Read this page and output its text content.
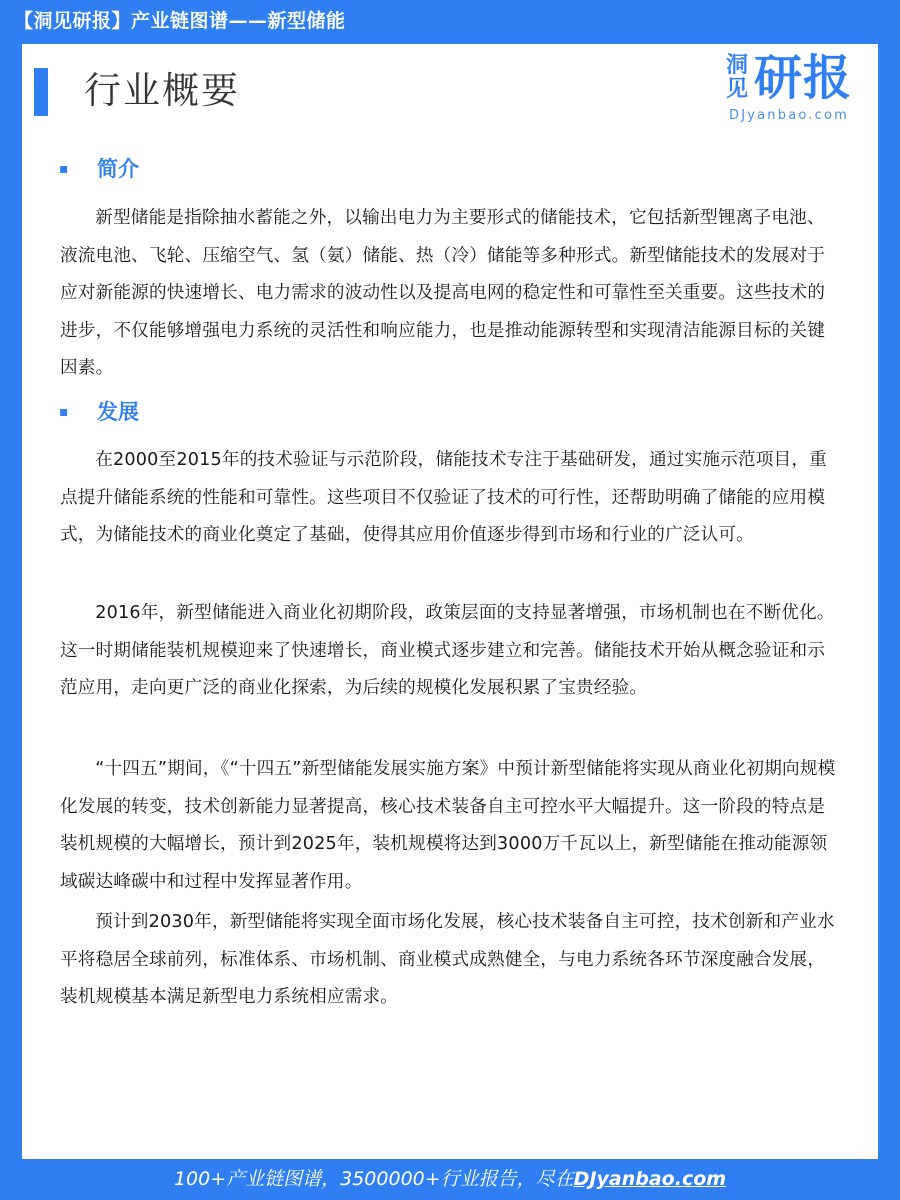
【洞见研报】产业链图谱——新型储能
行业概要
洞见 研报
DJyanbao.com
▪ 简介

新型储能是指除抽水蓄能之外，以输出电力为主要形式的储能技术，它包括新型锂离子电池、液流电池、飞轮、压缩空气、氢（氨）储能、热（冷）储能等多种形式。新型储能技术的发展对于应对新能源的快速增长、电力需求的波动性以及提高电网的稳定性和可靠性至关重要。这些技术的进步，不仅能够增强电力系统的灵活性和响应能力，也是推动能源转型和实现清洁能源目标的关键因素。

▪ 发展

在2000至2015年的技术验证与示范阶段，储能技术专注于基础研发，通过实施示范项目，重点提升储能系统的性能和可靠性。这些项目不仅验证了技术的可行性，还帮助明确了储能的应用模式，为储能技术的商业化奠定了基础，使得其应用价值逐步得到市场和行业的广泛认可。

2016年，新型储能进入商业化初期阶段，政策层面的支持显著增强，市场机制也在不断优化。这一时期储能装机规模迎来了快速增长，商业模式逐步建立和完善。储能技术开始从概念验证和示范应用，走向更广泛的商业化探索，为后续的规模化发展积累了宝贵经验。

“十四五”期间，《“十四五”新型储能发展实施方案》中预计新型储能将实现从商业化初期向规模化发展的转变，技术创新能力显著提高，核心技术装备自主可控水平大幅提升。这一阶段的特点是装机规模的大幅增长，预计到2025年，装机规模将达到3000万千瓦以上，新型储能在推动能源领域碳达峰碳中和过程中发挥显著作用。

预计到2030年，新型储能将实现全面市场化发展，核心技术装备自主可控，技术创新和产业水平将稳居全球前列，标准体系、市场机制、商业模式成熟健全，与电力系统各环节深度融合发展，装机规模基本满足新型电力系统相应需求。

100+产业链图谱，3500000+行业报告，尽在DJyanbao.com
